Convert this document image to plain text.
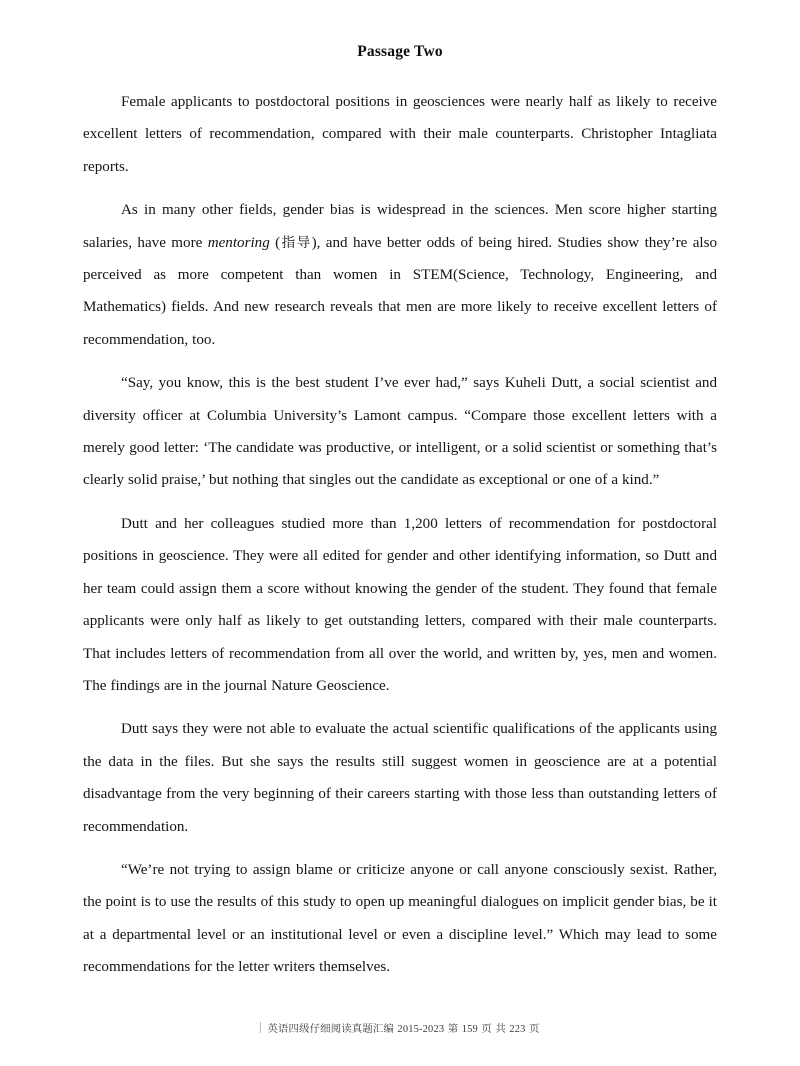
Passage Two

Female applicants to postdoctoral positions in geosciences were nearly half as likely to receive excellent letters of recommendation, compared with their male counterparts. Christopher Intagliata reports.

As in many other fields, gender bias is widespread in the sciences. Men score higher starting salaries, have more mentoring (指导), and have better odds of being hired. Studies show they’re also perceived as more competent than women in STEM(Science, Technology, Engineering, and Mathematics) fields. And new research reveals that men are more likely to receive excellent letters of recommendation, too.

“Say, you know, this is the best student I’ve ever had,” says Kuheli Dutt, a social scientist and diversity officer at Columbia University’s Lamont campus. “Compare those excellent letters with a merely good letter: ‘The candidate was productive, or intelligent, or a solid scientist or something that’s clearly solid praise,’ but nothing that singles out the candidate as exceptional or one of a kind.”

Dutt and her colleagues studied more than 1,200 letters of recommendation for postdoctoral positions in geoscience. They were all edited for gender and other identifying information, so Dutt and her team could assign them a score without knowing the gender of the student. They found that female applicants were only half as likely to get outstanding letters, compared with their male counterparts. That includes letters of recommendation from all over the world, and written by, yes, men and women. The findings are in the journal Nature Geoscience.

Dutt says they were not able to evaluate the actual scientific qualifications of the applicants using the data in the files. But she says the results still suggest women in geoscience are at a potential disadvantage from the very beginning of their careers starting with those less than outstanding letters of recommendation.

“We’re not trying to assign blame or criticize anyone or call anyone consciously sexist. Rather, the point is to use the results of this study to open up meaningful dialogues on implicit gender bias, be it at a departmental level or an institutional level or even a discipline level.” Which may lead to some recommendations for the letter writers themselves.

英语四级仔细阅读真题汇编 2015-2023 第 159 页 共 223 页
